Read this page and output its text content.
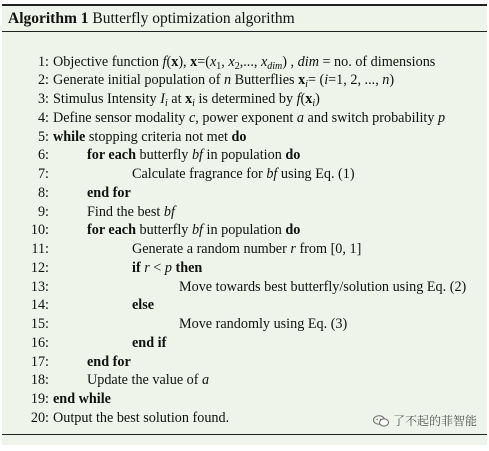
Algorithm 1 Butterfly optimization algorithm
1: Objective function f(x), $x=(x_1$, $x_2$,..., $x_{dim}$) , dim = no. of dimensions
2: Generate initial population of n Butterflies $x_i= (i=1$, 2, ..., n)
3: Stimulus Intensity $I_i$ at $x_i$ is determined by $f(x_i)$
4: Define sensor modality c, power exponent a and switch probability p
5: while stopping criteria not met do
6:	for each butterfly bf in population do
7:	Calculate fragrance for bf using Eq. (1)
8:	end for
9:	Find the best bf
10:	for each butterfly bf in population do
11:	Generate a random number r from [0, 1]
12:	if r < p then
13:	Move towards best butterfly/solution using Eq. (2)
14:	else
15:	Move randomly using Eq. (3)
16:	end if
17:	end for
18:	Update the value of a
19: end while
20: Output the best solution found.	了不起的菲智能
